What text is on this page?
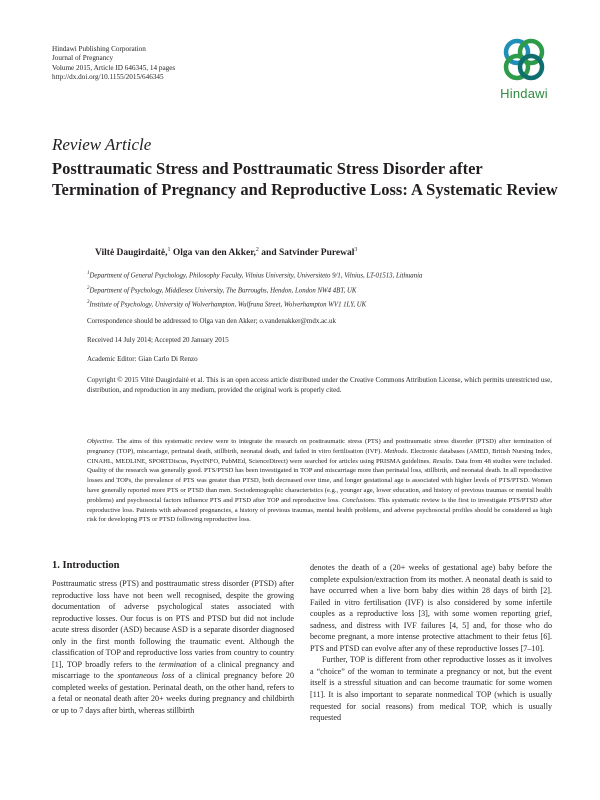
Hindawi Publishing Corporation
Journal of Pregnancy
Volume 2015, Article ID 646345, 14 pages
http://dx.doi.org/10.1155/2015/646345
Hindawi
Review Article
Posttraumatic Stress and Posttraumatic Stress Disorder after Termination of Pregnancy and Reproductive Loss: A Systematic Review
Viltė Daugirdaitė,$^1$ Olga van den Akker,$^2$ and Satvinder Purewal$^3$
$^1$Department of General Psychology, Philosophy Faculty, Vilnius University, Universiteto 9/1, Vilnius, LT-01513, Lithuania
$^2$Department of Psychology, Middlesex University, The Burroughs, Hendon, London NW4 4BT, UK
$^3$Institute of Psychology, University of Wolverhampton, Wulfruna Street, Wolverhampton WV1 1LY, UK
Correspondence should be addressed to Olga van den Akker; o.vandenakker@mdx.ac.uk
Received 14 July 2014; Accepted 20 January 2015
Academic Editor: Gian Carlo Di Renzo
Copyright © 2015 Viltė Daugirdaitė et al. This is an open access article distributed under the Creative Commons Attribution License, which permits unrestricted use, distribution, and reproduction in any medium, provided the original work is properly cited.
Objective. The aims of this systematic review were to integrate the research on posttraumatic stress (PTS) and posttraumatic stress disorder (PTSD) after termination of pregnancy (TOP), miscarriage, perinatal death, stillbirth, neonatal death, and failed in vitro fertilisation (IVF). Methods. Electronic databases (AMED, British Nursing Index, CINAHL, MEDLINE, SPORTDiscus, PsycINFO, PubMEd, ScienceDirect) were searched for articles using PRISMA guidelines. Results. Data from 48 studies were included. Quality of the research was generally good. PTS/PTSD has been investigated in TOP and miscarriage more than perinatal loss, stillbirth, and neonatal death. In all reproductive losses and TOPs, the prevalence of PTS was greater than PTSD, both decreased over time, and longer gestational age is associated with higher levels of PTS/PTSD. Women have generally reported more PTS or PTSD than men. Sociodemographic characteristics (e.g., younger age, lower education, and history of previous traumas or mental health problems) and psychosocial factors influence PTS and PTSD after TOP and reproductive loss. Conclusions. This systematic review is the first to investigate PTS/PTSD after reproductive loss. Patients with advanced pregnancies, a history of previous traumas, mental health problems, and adverse psychosocial profiles should be considered as high risk for developing PTS or PTSD following reproductive loss.
1. Introduction

Posttraumatic stress (PTS) and posttraumatic stress disorder (PTSD) after reproductive loss have not been well recognised, despite the growing documentation of adverse psychological states associated with reproductive losses. Our focus is on PTS and PTSD but did not include acute stress disorder (ASD) because ASD is a separate disorder diagnosed only in the first month following the traumatic event. Although the classification of TOP and reproductive loss varies from country to country [1], TOP broadly refers to the termination of a clinical pregnancy and miscarriage to the spontaneous loss of a clinical pregnancy before 20 completed weeks of gestation. Perinatal death, on the other hand, refers to a fetal or neonatal death after 20+ weeks during pregnancy and childbirth or up to 7 days after birth, whereas stillbirth

denotes the death of a (20+ weeks of gestational age) baby before the complete expulsion/extraction from its mother. A neonatal death is said to have occurred when a live born baby dies within 28 days of birth [2]. Failed in vitro fertilisation (IVF) is also considered by some infertile couples as a reproductive loss [3], with some women reporting grief, sadness, and distress with IVF failures [4, 5] and, for those who do become pregnant, a more intense protective attachment to their fetus [6]. PTS and PTSD can evolve after any of these reproductive losses [7–10].

Further, TOP is different from other reproductive losses as it involves a “choice” of the woman to terminate a pregnancy or not, but the event itself is a stressful situation and can become traumatic for some women [11]. It is also important to separate nonmedical TOP (which is usually requested for social reasons) from medical TOP, which is usually requested
